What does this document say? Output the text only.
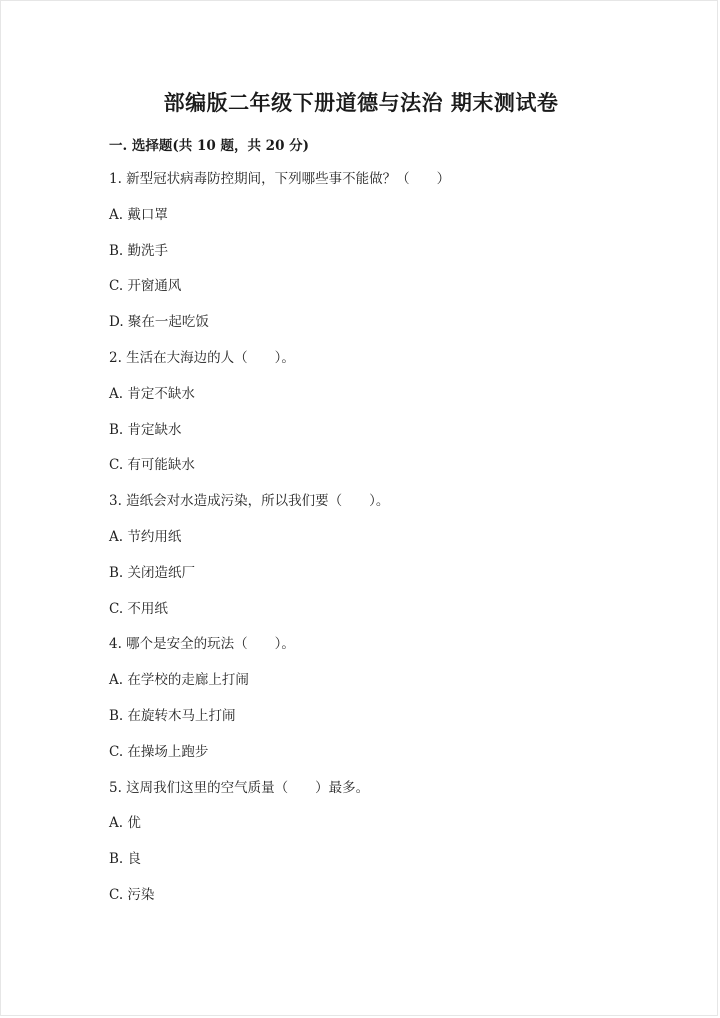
部编版二年级下册道德与法治 期末测试卷
一. 选择题(共 10 题，共 20 分)
1. 新型冠状病毒防控期间，下列哪些事不能做？（　　）
A. 戴口罩
B. 勤洗手
C. 开窗通风
D. 聚在一起吃饭
2. 生活在大海边的人（　　）。
A. 肯定不缺水
B. 肯定缺水
C. 有可能缺水
3. 造纸会对水造成污染，所以我们要（　　）。
A. 节约用纸
B. 关闭造纸厂
C. 不用纸
4. 哪个是安全的玩法（　　）。
A. 在学校的走廊上打闹
B. 在旋转木马上打闹
C. 在操场上跑步
5. 这周我们这里的空气质量（　　）最多。
A. 优
B. 良
C. 污染
